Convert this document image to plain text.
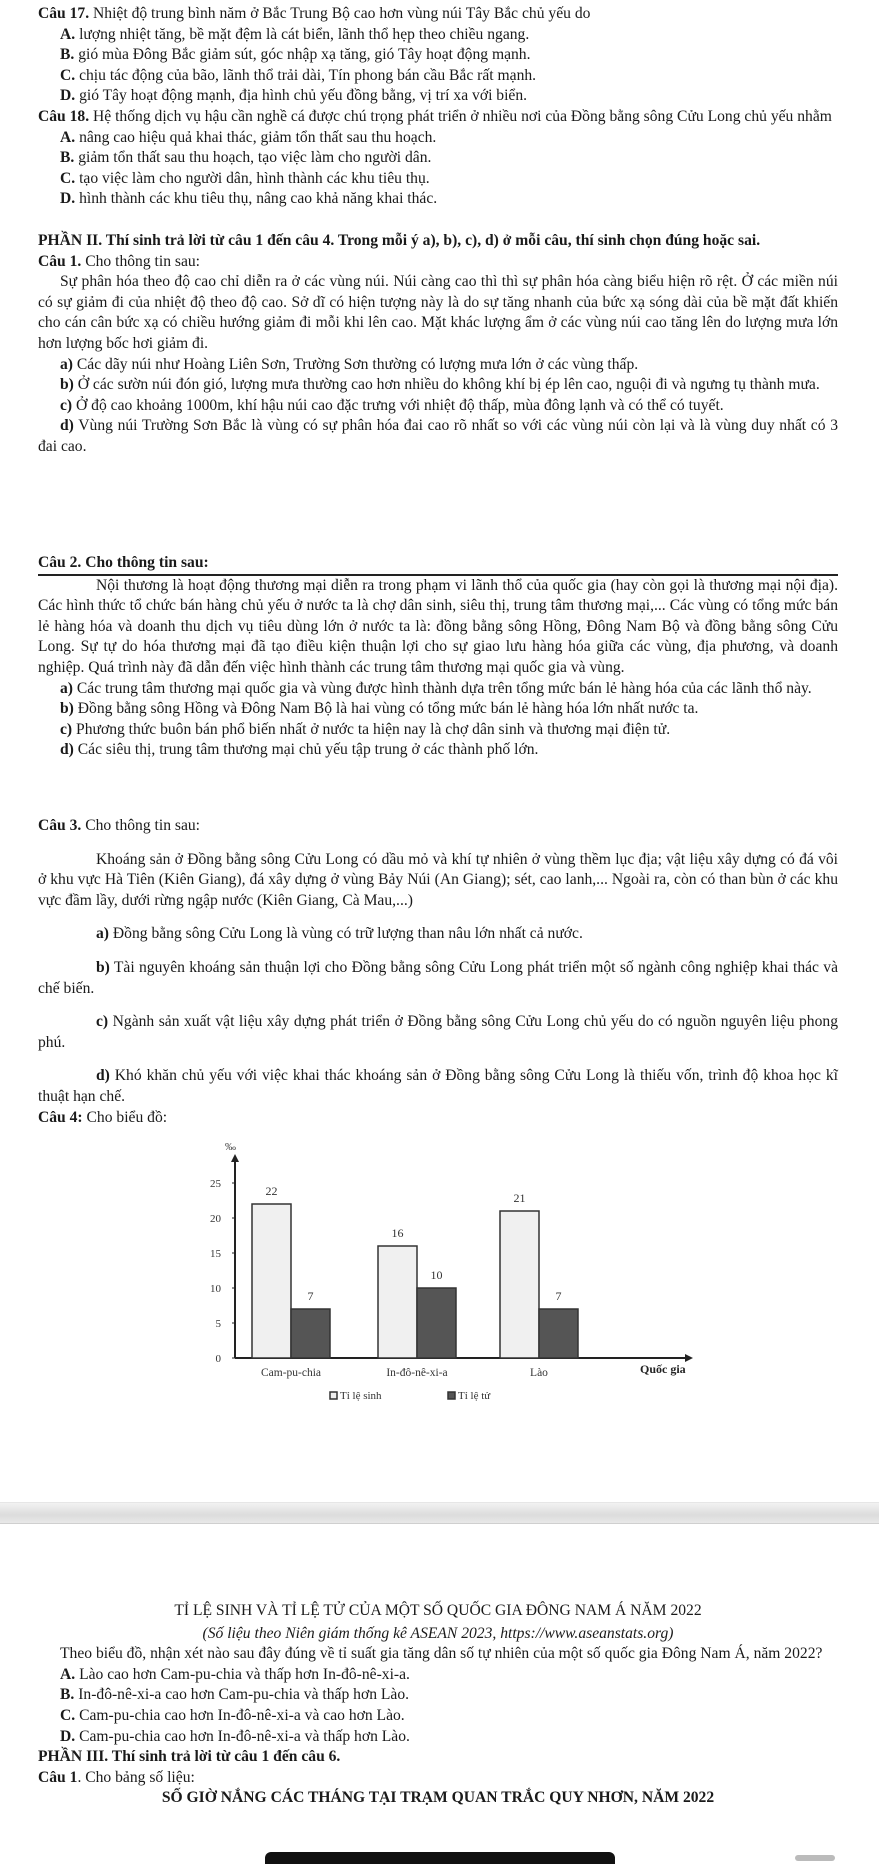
Câu 17. Nhiệt độ trung bình năm ở Bắc Trung Bộ cao hơn vùng núi Tây Bắc chủ yếu do

A. lượng nhiệt tăng, bề mặt đệm là cát biển, lãnh thổ hẹp theo chiều ngang.

B. gió mùa Đông Bắc giảm sút, góc nhập xạ tăng, gió Tây hoạt động mạnh.

C. chịu tác động của bão, lãnh thổ trải dài, Tín phong bán cầu Bắc rất mạnh.

D. gió Tây hoạt động mạnh, địa hình chủ yếu đồng bằng, vị trí xa với biển.

Câu 18. Hệ thống dịch vụ hậu cần nghề cá được chú trọng phát triển ở nhiều nơi của Đồng bằng sông Cửu Long chủ yếu nhằm

A. nâng cao hiệu quả khai thác, giảm tổn thất sau thu hoạch.

B. giảm tổn thất sau thu hoạch, tạo việc làm cho người dân.

C. tạo việc làm cho người dân, hình thành các khu tiêu thụ.

D. hình thành các khu tiêu thụ, nâng cao khả năng khai thác.

PHẦN II. Thí sinh trả lời từ câu 1 đến câu 4. Trong mỗi ý a), b), c), d) ở mỗi câu, thí sinh chọn đúng hoặc sai.

Câu 1. Cho thông tin sau:

Sự phân hóa theo độ cao chỉ diễn ra ở các vùng núi. Núi càng cao thì thì sự phân hóa càng biểu hiện rõ rệt. Ở các miền núi có sự giảm đi của nhiệt độ theo độ cao. Sở dĩ có hiện tượng này là do sự tăng nhanh của bức xạ sóng dài của bề mặt đất khiến cho cán cân bức xạ có chiều hướng giảm đi mỗi khi lên cao. Mặt khác lượng ẩm ở các vùng núi cao tăng lên do lượng mưa lớn hơn lượng bốc hơi giảm đi.

a) Các dãy núi như Hoàng Liên Sơn, Trường Sơn thường có lượng mưa lớn ở các vùng thấp.

b) Ở các sườn núi đón gió, lượng mưa thường cao hơn nhiều do không khí bị ép lên cao, nguội đi và ngưng tụ thành mưa.

c) Ở độ cao khoảng 1000m, khí hậu núi cao đặc trưng với nhiệt độ thấp, mùa đông lạnh và có thể có tuyết.

d) Vùng núi Trường Sơn Bắc là vùng có sự phân hóa đai cao rõ nhất so với các vùng núi còn lại và là vùng duy nhất có 3 đai cao.

Câu 2. Cho thông tin sau:

Nội thương là hoạt động thương mại diễn ra trong phạm vi lãnh thổ của quốc gia (hay còn gọi là thương mại nội địa). Các hình thức tổ chức bán hàng chủ yếu ở nước ta là chợ dân sinh, siêu thị, trung tâm thương mại,... Các vùng có tổng mức bán lẻ hàng hóa và doanh thu dịch vụ tiêu dùng lớn ở nước ta là: đồng bằng sông Hồng, Đông Nam Bộ và đồng bằng sông Cửu Long. Sự tự do hóa thương mại đã tạo điều kiện thuận lợi cho sự giao lưu hàng hóa giữa các vùng, địa phương, và doanh nghiệp. Quá trình này đã dẫn đến việc hình thành các trung tâm thương mại quốc gia và vùng.

a) Các trung tâm thương mại quốc gia và vùng được hình thành dựa trên tổng mức bán lẻ hàng hóa của các lãnh thổ này.

b) Đồng bằng sông Hồng và Đông Nam Bộ là hai vùng có tổng mức bán lẻ hàng hóa lớn nhất nước ta.

c) Phương thức buôn bán phổ biến nhất ở nước ta hiện nay là chợ dân sinh và thương mại điện tử.

d) Các siêu thị, trung tâm thương mại chủ yếu tập trung ở các thành phố lớn.

Câu 3. Cho thông tin sau:

Khoáng sản ở Đồng bằng sông Cửu Long có dầu mỏ và khí tự nhiên ở vùng thềm lục địa; vật liệu xây dựng có đá vôi ở khu vực Hà Tiên (Kiên Giang), đá xây dựng ở vùng Bảy Núi (An Giang); sét, cao lanh,... Ngoài ra, còn có than bùn ở các khu vực đầm lầy, dưới rừng ngập nước (Kiên Giang, Cà Mau,...)

a) Đồng bằng sông Cửu Long là vùng có trữ lượng than nâu lớn nhất cả nước.

b) Tài nguyên khoáng sản thuận lợi cho Đồng bằng sông Cửu Long phát triển một số ngành công nghiệp khai thác và chế biến.

c) Ngành sản xuất vật liệu xây dựng phát triển ở Đồng bằng sông Cửu Long chủ yếu do có nguồn nguyên liệu phong phú.

d) Khó khăn chủ yếu với việc khai thác khoáng sản ở Đồng bằng sông Cửu Long là thiếu vốn, trình độ khoa học kĩ thuật hạn chế.

Câu 4: Cho biểu đồ:

‰
Quốc gia
0
5
10
15
20
25	22
7
Cam-pu-chia
16
10
In-đô-nê-xi-a
21
7
Lào
Tỉ lệ sinh	Tỉ lệ tử

TỈ LỆ SINH VÀ TỈ LỆ TỬ CỦA MỘT SỐ QUỐC GIA ĐÔNG NAM Á NĂM 2022

(Số liệu theo Niên giám thống kê ASEAN 2023, https://www.aseanstats.org)

Theo biểu đồ, nhận xét nào sau đây đúng về tỉ suất gia tăng dân số tự nhiên của một số quốc gia Đông Nam Á, năm 2022?

A. Lào cao hơn Cam-pu-chia và thấp hơn In-đô-nê-xi-a.

B. In-đô-nê-xi-a cao hơn Cam-pu-chia và thấp hơn Lào.

C. Cam-pu-chia cao hơn In-đô-nê-xi-a và cao hơn Lào.

D. Cam-pu-chia cao hơn In-đô-nê-xi-a và thấp hơn Lào.

PHẦN III. Thí sinh trả lời từ câu 1 đến câu 6.

Câu 1. Cho bảng số liệu:

SỐ GIỜ NẮNG CÁC THÁNG TẠI TRẠM QUAN TRẮC QUY NHƠN, NĂM 2022
